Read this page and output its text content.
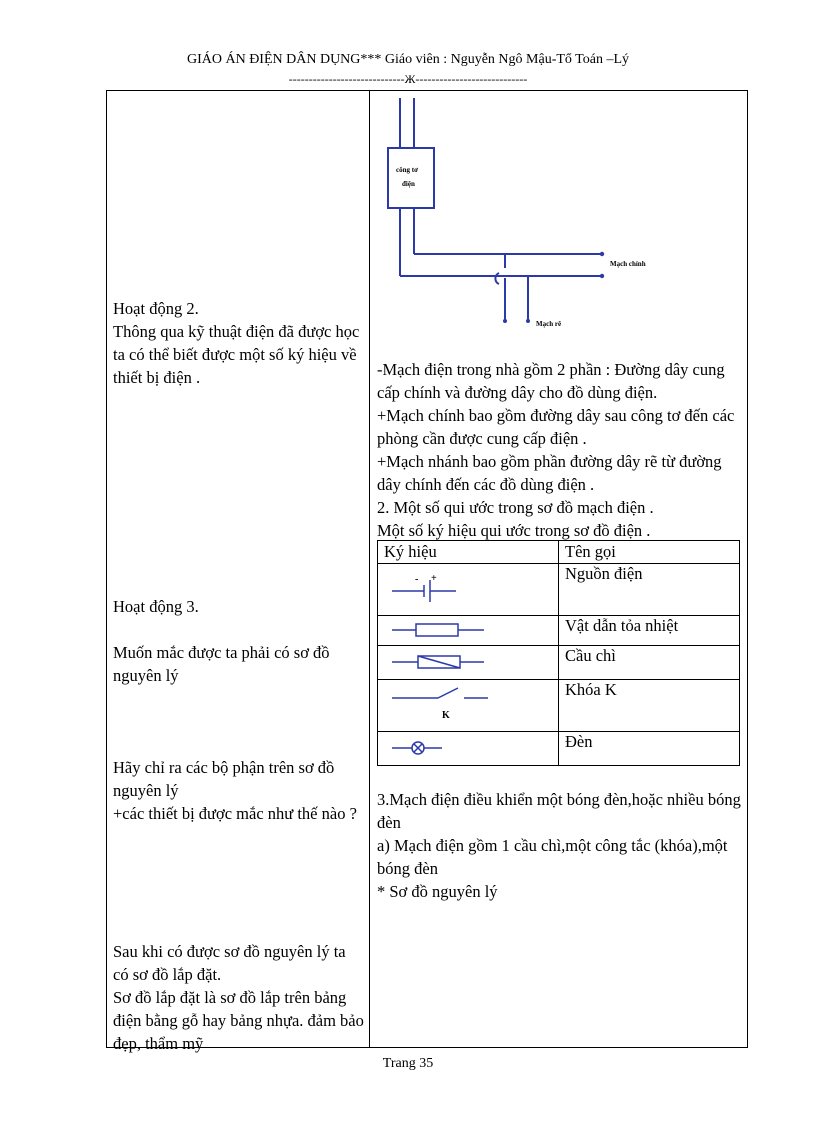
GIÁO ÁN ĐIỆN DÂN DỤNG*** Giáo viên : Nguyễn Ngô Mậu-Tổ Toán –Lý
-----------------------------Ж----------------------------
công tơ
điện
Mạch chính
Mạch rẽ
Hoạt động 2.
Thông qua kỹ thuật điện đã được học ta có thể biết được một số ký hiệu về thiết bị điện .
Hoạt động 3.
Muốn mắc được ta phải có sơ đồ nguyên lý
Hãy chỉ ra các bộ phận trên sơ đồ nguyên lý
+các thiết bị được mắc như thế nào ?
Sau khi có được sơ đồ nguyên lý ta có sơ đồ lắp đặt.
Sơ đồ lắp đặt là sơ đồ lắp trên bảng điện bằng gỗ hay bảng nhựa. đảm bảo đẹp, thẩm mỹ
-Mạch điện trong nhà gồm 2 phần : Đường dây cung cấp chính và đường dây cho đồ dùng điện.
+Mạch chính bao gồm đường dây sau công tơ đến các phòng cần được cung cấp điện .
+Mạch nhánh bao gồm phần đường dây rẽ từ đường dây chính đến các đồ dùng điện .
2. Một số qui ước trong sơ đồ mạch điện .
Một số ký hiệu qui ước trong sơ đồ điện .
Ký hiệu	Tên gọi

- +	Nguồn điện

	Vật dẫn tỏa nhiệt

	Cầu chì

K	Khóa K

	Đèn
3.Mạch điện điều khiển một bóng đèn,hoặc nhiều bóng đèn
a) Mạch điện gồm 1 cầu chì,một công tắc (khóa),một bóng đèn
* Sơ đồ nguyên lý
Trang 35
